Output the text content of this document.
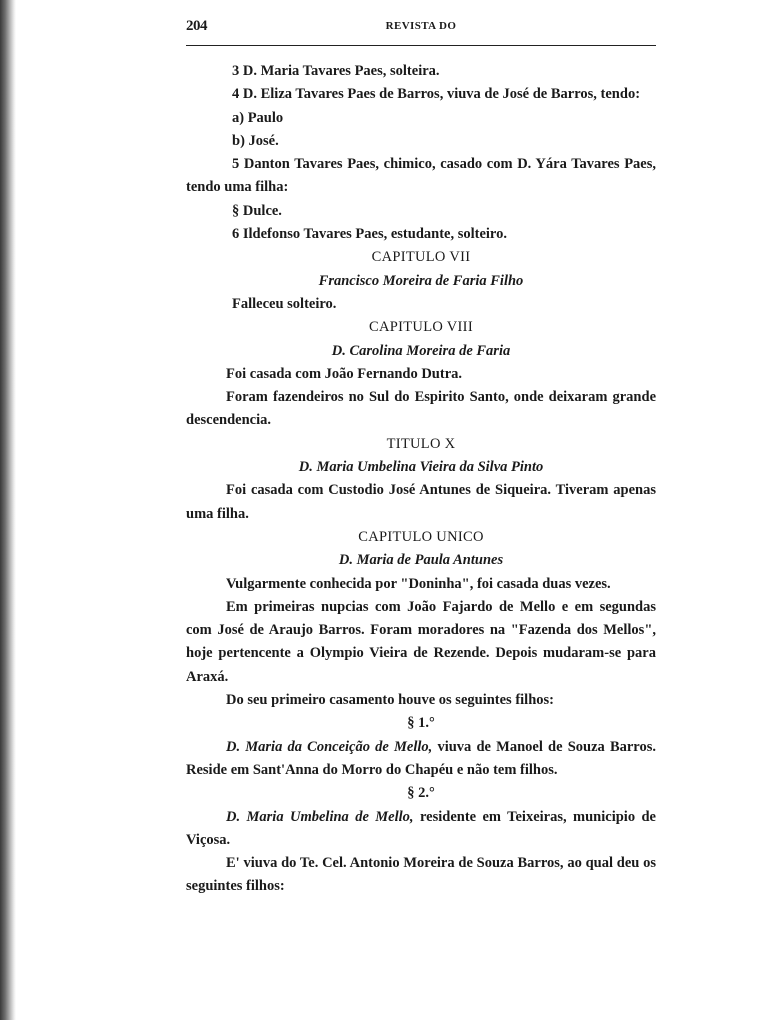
204	REVISTA DO

3 D. Maria Tavares Paes, solteira.

4 D. Eliza Tavares Paes de Barros, viuva de José de Barros, tendo:

a) Paulo

b) José.

5 Danton Tavares Paes, chimico, casado com D. Yára Tavares Paes, tendo uma filha:

§ Dulce.

6 Ildefonso Tavares Paes, estudante, solteiro.

CAPITULO VII

Francisco Moreira de Faria Filho

Falleceu solteiro.

CAPITULO VIII

D. Carolina Moreira de Faria

Foi casada com João Fernando Dutra.

Foram fazendeiros no Sul do Espirito Santo, onde deixaram grande descendencia.

TITULO X

D. Maria Umbelina Vieira da Silva Pinto

Foi casada com Custodio José Antunes de Siqueira. Tiveram apenas uma filha.

CAPITULO UNICO

D. Maria de Paula Antunes

Vulgarmente conhecida por "Doninha", foi casada duas vezes.

Em primeiras nupcias com João Fajardo de Mello e em segundas com José de Araujo Barros. Foram moradores na "Fazenda dos Mellos", hoje pertencente a Olympio Vieira de Rezende. Depois mudaram-se para Araxá.

Do seu primeiro casamento houve os seguintes filhos:

§ 1.°

D. Maria da Conceição de Mello, viuva de Manoel de Souza Barros. Reside em Sant'Anna do Morro do Chapéu e não tem filhos.

§ 2.°

D. Maria Umbelina de Mello, residente em Teixeiras, municipio de Viçosa.

E' viuva do Te. Cel. Antonio Moreira de Souza Barros, ao qual deu os seguintes filhos:
